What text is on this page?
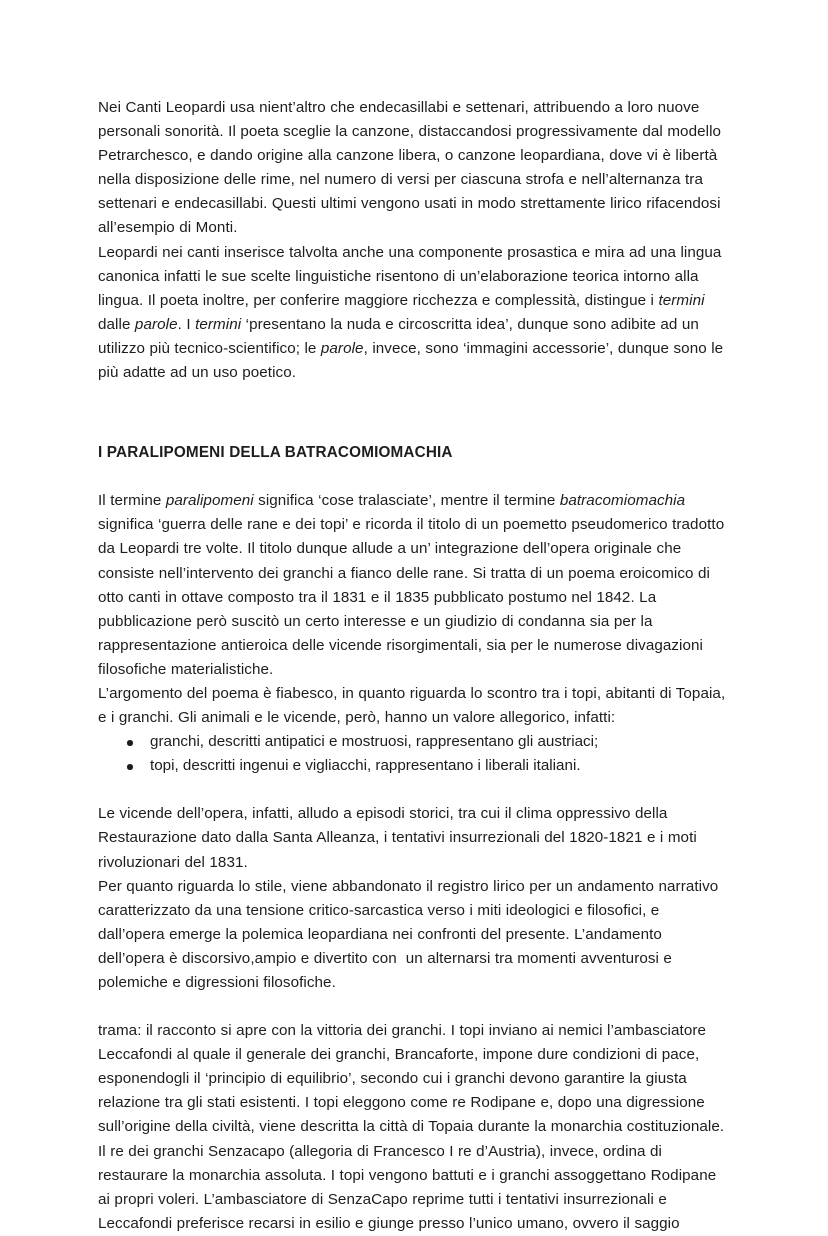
Nei Canti Leopardi usa nient’altro che endecasillabi e settenari, attribuendo a loro nuove personali sonorità. Il poeta sceglie la canzone, distaccandosi progressivamente dal modello Petrarchesco, e dando origine alla canzone libera, o canzone leopardiana, dove vi è libertà nella disposizione delle rime, nel numero di versi per ciascuna strofa e nell’alternanza tra settenari e endecasillabi. Questi ultimi vengono usati in modo strettamente lirico rifacendosi all’esempio di Monti.

Leopardi nei canti inserisce talvolta anche una componente prosastica e mira ad una lingua canonica infatti le sue scelte linguistiche risentono di un’elaborazione teorica intorno alla lingua. Il poeta inoltre, per conferire maggiore ricchezza e complessità, distingue i termini dalle parole. I termini ‘presentano la nuda e circoscritta idea’, dunque sono adibite ad un utilizzo più tecnico-scientifico; le parole, invece, sono ‘immagini accessorie’, dunque sono le più adatte ad un uso poetico.

I PARALIPOMENI DELLA BATRACOMIOMACHIA

Il termine paralipomeni significa ‘cose tralasciate’, mentre il termine batracomiomachia significa ‘guerra delle rane e dei topi’ e ricorda il titolo di un poemetto pseudomerico tradotto da Leopardi tre volte. Il titolo dunque allude a un’ integrazione dell’opera originale che consiste nell’intervento dei granchi a fianco delle rane. Si tratta di un poema eroicomico di otto canti in ottave composto tra il 1831 e il 1835 pubblicato postumo nel 1842. La pubblicazione però suscitò un certo interesse e un giudizio di condanna sia per la rappresentazione antieroica delle vicende risorgimentali, sia per le numerose divagazioni filosofiche materialistiche.

L’argomento del poema è fiabesco, in quanto riguarda lo scontro tra i topi, abitanti di Topaia, e i granchi. Gli animali e le vicende, però, hanno un valore allegorico, infatti:

granchi, descritti antipatici e mostruosi, rappresentano gli austriaci;
topi, descritti ingenui e vigliacchi, rappresentano i liberali italiani.

Le vicende dell’opera, infatti, alludo a episodi storici, tra cui il clima oppressivo della Restaurazione dato dalla Santa Alleanza, i tentativi insurrezionali del 1820-1821 e i moti rivoluzionari del 1831.

Per quanto riguarda lo stile, viene abbandonato il registro lirico per un andamento narrativo caratterizzato da una tensione critico-sarcastica verso i miti ideologici e filosofici, e dall’opera emerge la polemica leopardiana nei confronti del presente. L’andamento dell’opera è discorsivo,ampio e divertito con  un alternarsi tra momenti avventurosi e polemiche e digressioni filosofiche.

trama: il racconto si apre con la vittoria dei granchi. I topi inviano ai nemici l’ambasciatore Leccafondi al quale il generale dei granchi, Brancaforte, impone dure condizioni di pace, esponendogli il ‘principio di equilibrio’, secondo cui i granchi devono garantire la giusta relazione tra gli stati esistenti. I topi eleggono come re Rodipane e, dopo una digressione sull’origine della civiltà, viene descritta la città di Topaia durante la monarchia costituzionale. Il re dei granchi Senzacapo (allegoria di Francesco I re d’Austria), invece, ordina di restaurare la monarchia assoluta. I topi vengono battuti e i granchi assoggettano Rodipane ai propri voleri. L’ambasciatore di SenzaCapo reprime tutti i tentativi insurrezionali e Leccafondi preferisce recarsi in esilio e giunge presso l’unico umano, ovvero il saggio
